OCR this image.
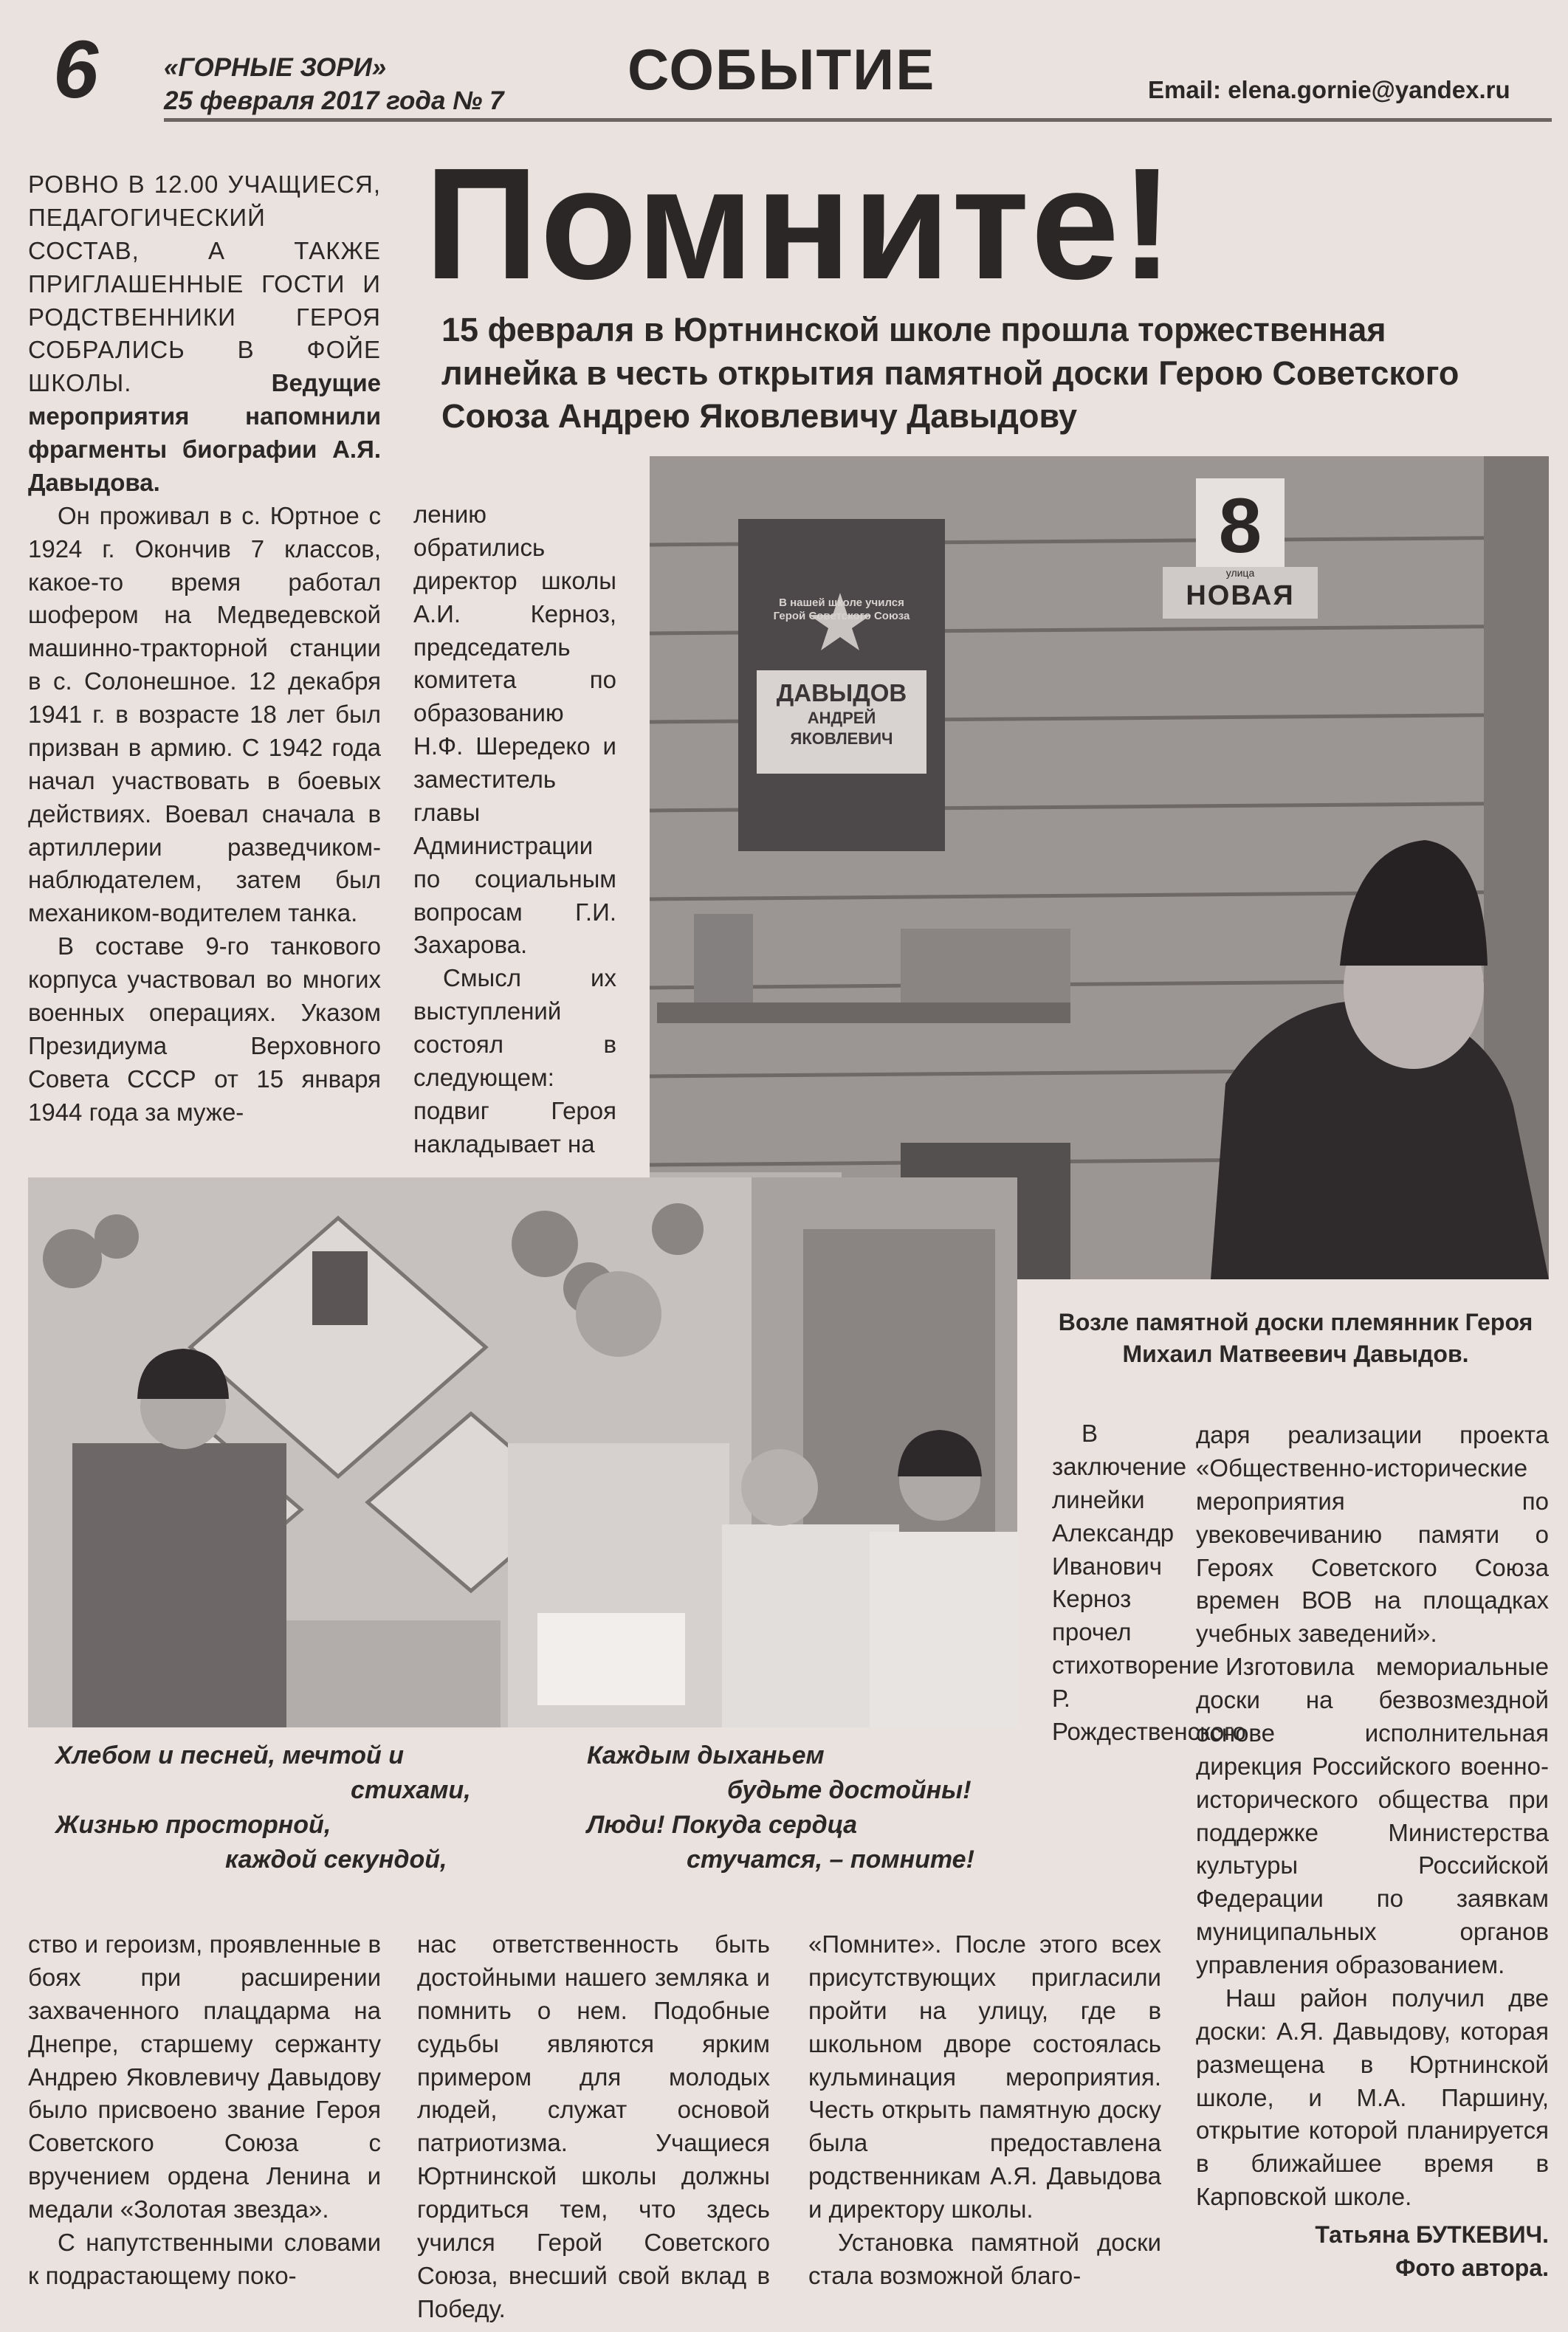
6	«ГОРНЫЕ ЗОРИ»
25 февраля 2017 года № 7 СОБЫТИЕ	Email: elena.gornie@yandex.ru
Помните!
15 февраля в Юртнинской школе прошла торжественная линейка в честь открытия памятной доски Герою Советского Союза Андрею Яковлевичу Давыдову

РОВНО В 12.00 УЧАЩИЕСЯ, ПЕДАГОГИЧЕСКИЙ СОСТАВ, А ТАКЖЕ ПРИГЛАШЕННЫЕ ГОСТИ И РОДСТВЕННИКИ ГЕРОЯ СОБРАЛИСЬ В ФОЙЕ ШКОЛЫ.	Ведущие мероприятия напомнили фрагменты биографии А.Я. Давыдова.

Он проживал в с. Юртное с 1924 г. Окончив 7 классов, какое-то время работал шофером на Медведевской машинно-тракторной станции в с. Солонешное. 12 декабря 1941 г. в возрасте 18 лет был призван в армию. С 1942 года начал участвовать в боевых действиях. Воевал сначала в артиллерии разведчиком-наблюдателем, затем был механиком-водителем танка.

В составе 9-го танкового корпуса участвовал во многих военных операциях. Указом Президиума Верховного Совета СССР от 15 января 1944 года за муже-

лению обратились директор школы А.И. Керноз, председатель комитета по образованию Н.Ф. Шередеко и заместитель главы Администрации по социальным вопросам Г.И. Захарова.

Смысл их выступлений состоял в следующем: подвиг Героя накладывает на

В нашей школе учился Герой Советского Союза
ДАВЫДОВ
АНДРЕЙ
ЯКОВЛЕВИЧ
8
улица
НОВАЯ
Возле памятной доски племянник Героя Михаил Матвеевич Давыдов.
Хлебом и песней, мечтой и
стихами,
Жизнью просторной,
каждой секундой,
Каждым дыханьем
будьте достойны!
Люди! Покуда сердца
стучатся, – помните!

В заключение линейки Александр Иванович Керноз прочел стихотворение Р. Рождественского

даря реализации проекта «Общественно-исторические мероприятия по увековечиванию памяти о Героях Советского Союза времен ВОВ на площадках учебных заведений».

Изготовила мемориальные доски на безвозмездной основе исполнительная дирекция Российского военно-исторического общества при поддержке Министерства культуры Российской Федерации по заявкам муниципальных органов управления образованием.

Наш район получил две доски: А.Я. Давыдову, которая размещена в Юртнинской школе, и М.А. Паршину, открытие которой планируется в ближайшее время в Карповской школе.

Татьяна БУТКЕВИЧ.
Фото автора.

ство и героизм, проявленные в боях при расширении захваченного плацдарма на Днепре, старшему сержанту Андрею Яковлевичу Давыдову было присвоено звание Героя Советского Союза с вручением ордена Ленина и медали «Золотая звезда».

С напутственными словами к подрастающему поко-

нас ответственность быть достойными нашего земляка и помнить о нем. Подобные судьбы являются ярким примером для молодых людей, служат основой патриотизма. Учащиеся Юртнинской школы должны гордиться тем, что здесь учился Герой Советского Союза, внесший свой вклад в Победу.

«Помните». После этого всех присутствующих пригласили пройти на улицу, где в школьном дворе состоялась кульминация мероприятия. Честь открыть памятную доску была предоставлена родственникам А.Я. Давыдова и директору школы.

Установка памятной доски стала возможной благо-
